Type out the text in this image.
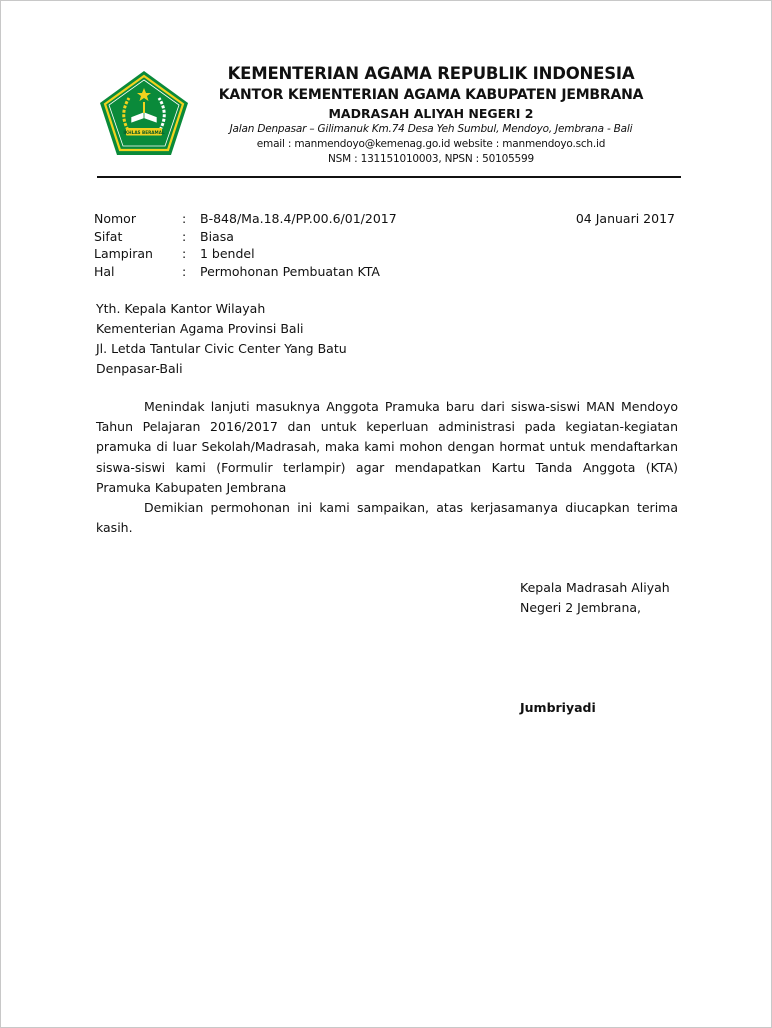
IKHLAS BERAMAL
KEMENTERIAN AGAMA REPUBLIK INDONESIA
KANTOR KEMENTERIAN AGAMA KABUPATEN JEMBRANA
MADRASAH ALIYAH NEGERI 2
Jalan Denpasar – Gilimanuk Km.74 Desa Yeh Sumbul, Mendoyo, Jembrana - Bali
email : manmendoyo@kemenag.go.id website : manmendoyo.sch.id
NSM : 131151010003, NPSN : 50105599
Nomor	: B-848/Ma.18.4/PP.00.6/01/2017
Sifat	: Biasa
Lampiran : 1 bendel
Hal	: Permohonan Pembuatan KTA
04 Januari 2017
Yth. Kepala Kantor Wilayah
Kementerian Agama Provinsi Bali
Jl. Letda Tantular Civic Center Yang Batu
Denpasar-Bali

Menindak lanjuti masuknya Anggota Pramuka baru dari siswa-siswi MAN Mendoyo Tahun Pelajaran 2016/2017 dan untuk keperluan administrasi pada kegiatan-kegiatan pramuka di luar Sekolah/Madrasah, maka kami mohon dengan hormat untuk mendaftarkan siswa-siswi kami (Formulir terlampir) agar mendapatkan Kartu Tanda Anggota (KTA) Pramuka Kabupaten Jembrana

Demikian permohonan ini kami sampaikan, atas kerjasamanya diucapkan terima kasih.

Kepala Madrasah Aliyah
Negeri 2 Jembrana,
Jumbriyadi
